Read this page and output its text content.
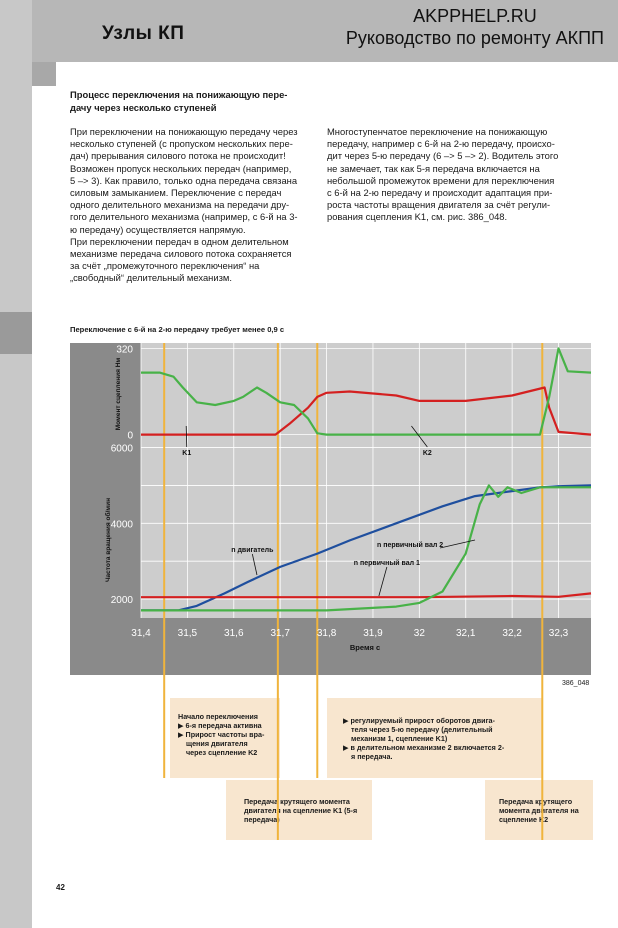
Узлы КП
AKPPHELP.RU
Руководство по ремонту АКПП
Процесс переключения на понижающую пере-
дачу через несколько ступеней
При переключении на понижающую передачу через
несколько ступеней (с пропуском нескольких пере-
дач) прерывания силового потока не происходит!
Возможен пропуск нескольких передач (например,
5 –> 3). Как правило, только одна передача связана
силовым замыканием. Переключение с передач
одного делительного механизма на передачи дру-
гого делительного механизма (например, с 6-й на 3-
ю передачу) осуществляется напрямую.
При переключении передач в одном делительном
механизме передача силового потока сохраняется
за счёт „промежуточного переключения“ на
„свободный“ делительный механизм.
Многоступенчатое переключение на понижающую
передачу, например с 6-й на 2-ю передачу, происхо-
дит через 5-ю передачу (6 –> 5 –> 2). Водитель этого
не замечает, так как 5-я передача включается на
небольшой промежуток времени для переключения
с 6-й на 2-ю передачу и происходит адаптация при-
роста частоты вращения двигателя за счёт регули-
рования сцепления K1, см. рис. 386_048.
Переключение с 6-й на 2-ю передачу требует менее 0,9 с
31,4	31,5	31,6	31,7	31,8	31,9	32	32,1	32,2	32,3
320
0
6000
4000
2000
Момент сцепления Нм
Частота вращения об/мин
Время с
K1	K2
n двигатель
n первичный вал 2
n первичный вал 1
386_048
Начало переключения
▶ 6-я передача активна
▶ Прирост частоты вра-
щения двигателя
через сцепление K2
▶ регулируемый прирост оборотов двига-
теля через 5-ю передачу (делительный
механизм 1, сцепление K1)
▶ в делительном механизме 2 включается 2-
я передача.
Передача крутящего момента
двигателя на сцепление K1 (5-я
передача)
Передача крутящего
момента двигателя на
сцепление K2
42
